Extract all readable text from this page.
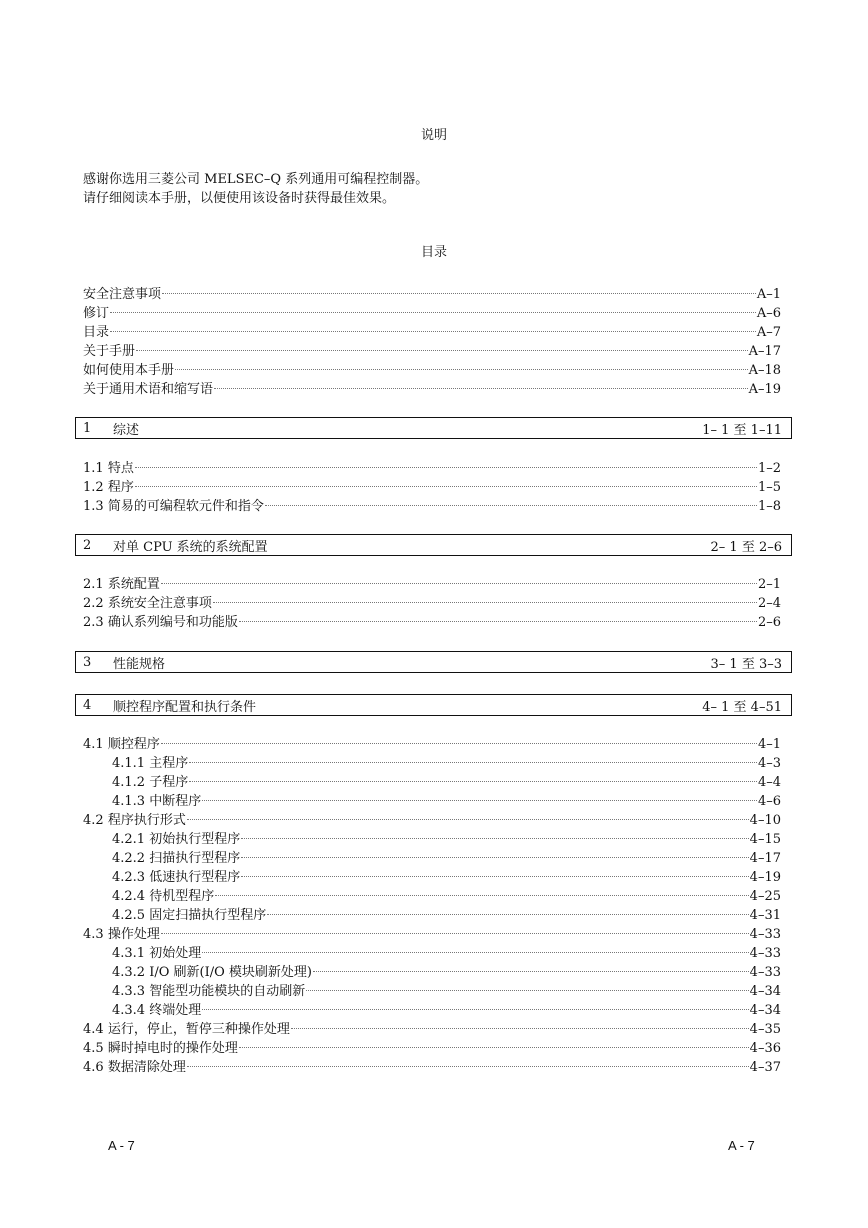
说明
感谢你选用三菱公司 MELSEC–Q 系列通用可编程控制器。
请仔细阅读本手册，以便使用该设备时获得最佳效果。
目录
安全注意事项	A–1
修订	A–6
目录	A–7
关于手册	A–17
如何使用本手册	A–18
关于通用术语和缩写语	A–19
1	综述	1– 1 至 1–11
1.1 特点	1–2
1.2 程序	1–5
1.3 简易的可编程软元件和指令	1–8
2	对单 CPU 系统的系统配置	2– 1 至 2–6
2.1 系统配置	2–1
2.2 系统安全注意事项	2–4
2.3 确认系列编号和功能版	2–6
3	性能规格	3– 1 至 3–3
4	顺控程序配置和执行条件	4– 1 至 4–51
4.1 顺控程序	4–1
4.1.1 主程序	4–3
4.1.2 子程序	4–4
4.1.3 中断程序	4–6
4.2 程序执行形式	4–10
4.2.1 初始执行型程序	4–15
4.2.2 扫描执行型程序	4–17
4.2.3 低速执行型程序	4–19
4.2.4 待机型程序	4–25
4.2.5 固定扫描执行型程序	4–31
4.3 操作处理	4–33
4.3.1 初始处理	4–33
4.3.2 I/O 刷新(I/O 模块刷新处理)	4–33
4.3.3 智能型功能模块的自动刷新	4–34
4.3.4 终端处理	4–34
4.4 运行，停止，暂停三种操作处理	4–35
4.5 瞬时掉电时的操作处理	4–36
4.6 数据清除处理	4–37
A - 7	A - 7
